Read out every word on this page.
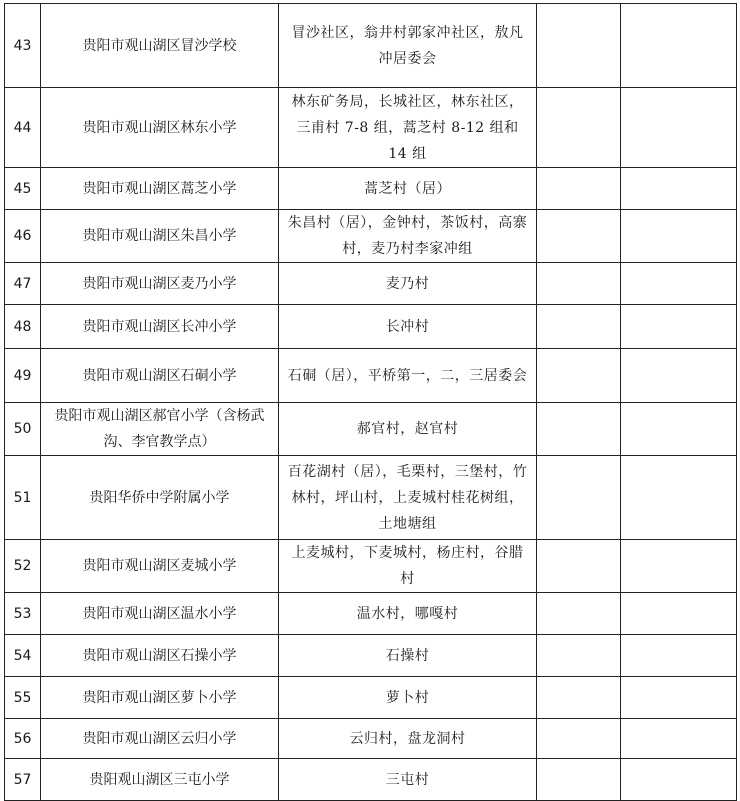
43	贵阳市观山湖区冒沙学校	冒沙社区，翁井村郭家冲社区，敖凡冲居委会		
44	贵阳市观山湖区林东小学	林东矿务局，长城社区，林东社区，三甫村 7-8 组，蒿芝村 8-12 组和 14 组		
45	贵阳市观山湖区蒿芝小学	蒿芝村（居）		
46	贵阳市观山湖区朱昌小学	朱昌村（居），金钟村，茶饭村，高寨村，麦乃村李家冲组		
47	贵阳市观山湖区麦乃小学	麦乃村		
48	贵阳市观山湖区长冲小学	长冲村		
49	贵阳市观山湖区石硐小学	石硐（居），平桥第一，二，三居委会		
50	贵阳市观山湖区郝官小学（含杨武沟、李官教学点）	郝官村，赵官村		
51	贵阳华侨中学附属小学	百花湖村（居），毛栗村，三堡村，竹林村，坪山村，上麦城村桂花树组，土地塘组		
52	贵阳市观山湖区麦城小学	上麦城村，下麦城村，杨庄村，谷腊村		
53	贵阳市观山湖区温水小学	温水村，哪嘎村		
54	贵阳市观山湖区石操小学	石操村		
55	贵阳市观山湖区萝卜小学	萝卜村		
56	贵阳市观山湖区云归小学	云归村，盘龙洞村		
57	贵阳观山湖区三屯小学	三屯村		
